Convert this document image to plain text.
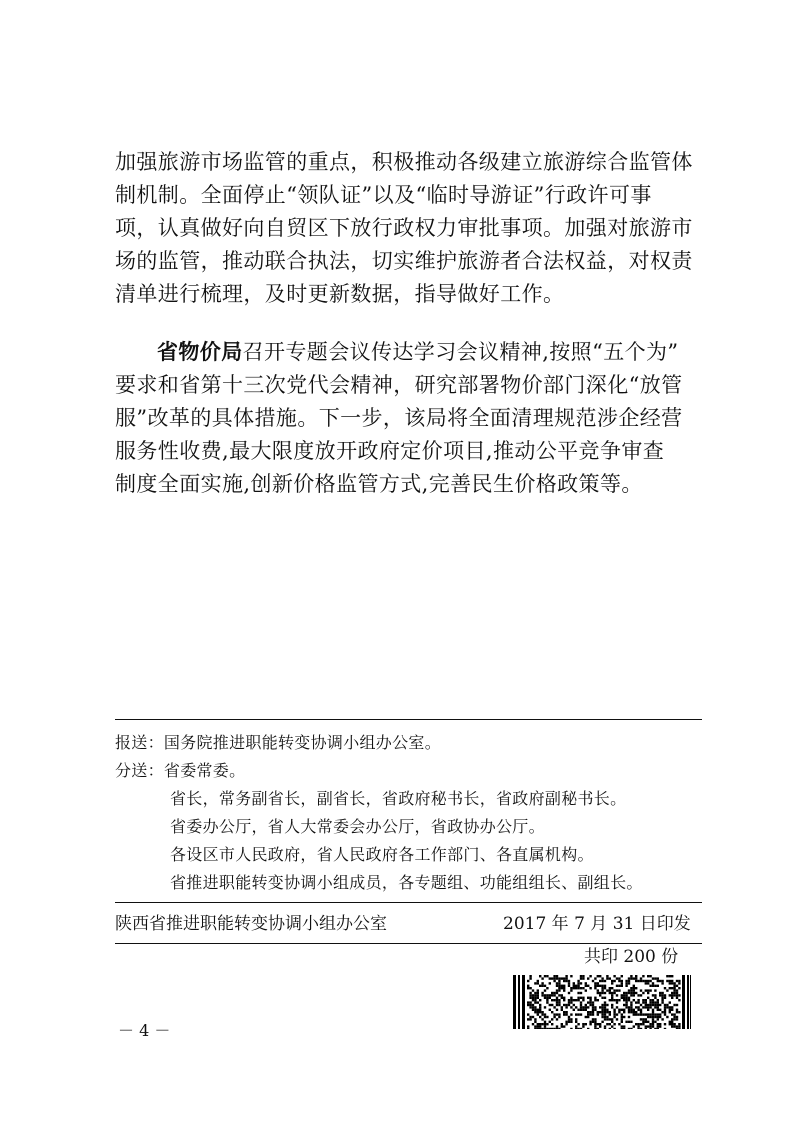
加强旅游市场监管的重点，积极推动各级建立旅游综合监管体
制机制。全面停止“领队证”以及“临时导游证”行政许可事
项，认真做好向自贸区下放行政权力审批事项。加强对旅游市
场的监管，推动联合执法，切实维护旅游者合法权益，对权责
清单进行梳理，及时更新数据，指导做好工作。
省物价局召开专题会议传达学习会议精神,按照“五个为”
要求和省第十三次党代会精神，研究部署物价部门深化“放管
服”改革的具体措施。下一步，该局将全面清理规范涉企经营
服务性收费,最大限度放开政府定价项目,推动公平竞争审查
制度全面实施,创新价格监管方式,完善民生价格政策等。
报送：国务院推进职能转变协调小组办公室。
分送：省委常委。
省长，常务副省长，副省长，省政府秘书长，省政府副秘书长。
省委办公厅，省人大常委会办公厅，省政协办公厅。
各设区市人民政府，省人民政府各工作部门、各直属机构。
省推进职能转变协调小组成员，各专题组、功能组组长、副组长。
陕西省推进职能转变协调小组办公室	2017 年 7 月 31 日印发
共印 200 份
－ 4 －
